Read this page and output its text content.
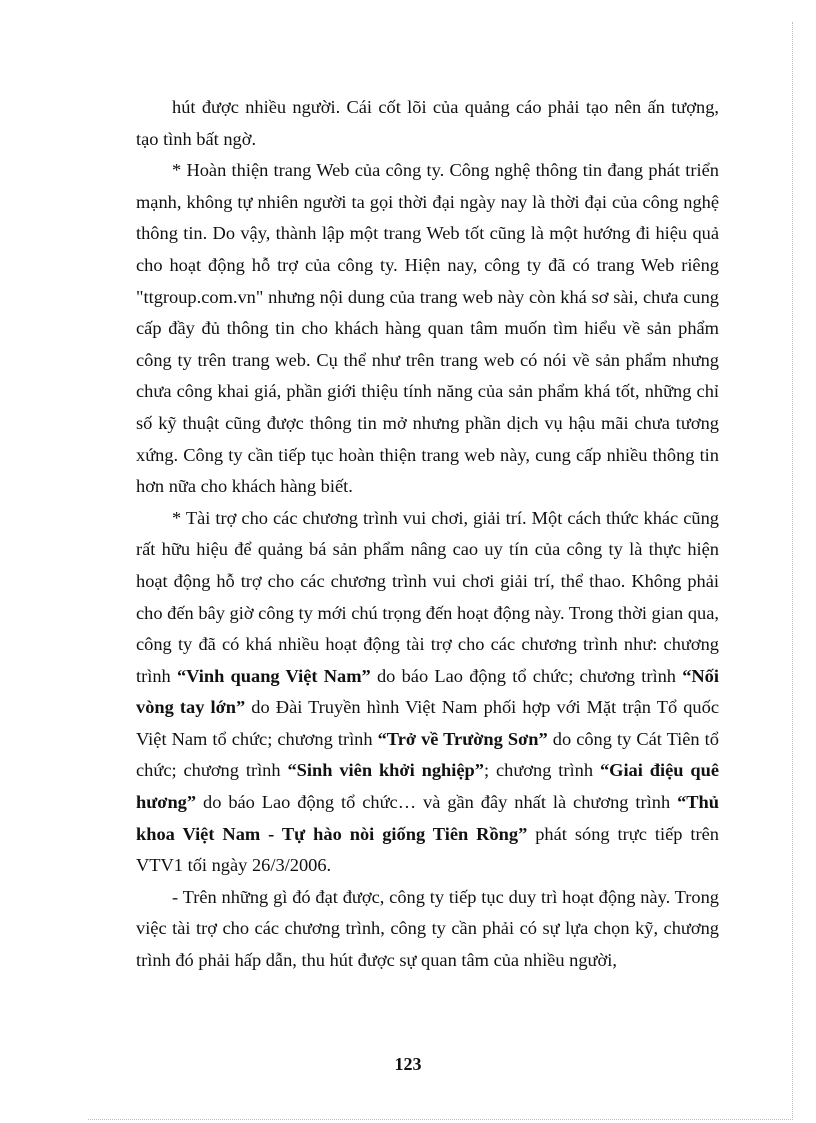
hút được nhiều người. Cái cốt lõi của quảng cáo phải tạo nên ấn tượng, tạo tình bất ngờ.

* Hoàn thiện trang Web của công ty. Công nghệ thông tin đang phát triển mạnh, không tự nhiên người ta gọi thời đại ngày nay là thời đại của công nghệ thông tin. Do vậy, thành lập một trang Web tốt cũng là một hướng đi hiệu quả cho hoạt động hỗ trợ của công ty. Hiện nay, công ty đã có trang Web riêng "ttgroup.com.vn" nhưng nội dung của trang web này còn khá sơ sài, chưa cung cấp đầy đủ thông tin cho khách hàng quan tâm muốn tìm hiểu về sản phẩm công ty trên trang web. Cụ thể như trên trang web có nói về sản phẩm nhưng chưa công khai giá, phần giới thiệu tính năng của sản phẩm khá tốt, những chỉ số kỹ thuật cũng được thông tin mở nhưng phần dịch vụ hậu mãi chưa tương xứng. Công ty cần tiếp tục hoàn thiện trang web này, cung cấp nhiều thông tin hơn nữa cho khách hàng biết.

* Tài trợ cho các chương trình vui chơi, giải trí. Một cách thức khác cũng rất hữu hiệu để quảng bá sản phẩm nâng cao uy tín của công ty là thực hiện hoạt động hỗ trợ cho các chương trình vui chơi giải trí, thể thao. Không phải cho đến bây giờ công ty mới chú trọng đến hoạt động này. Trong thời gian qua, công ty đã có khá nhiều hoạt động tài trợ cho các chương trình như: chương trình “Vinh quang Việt Nam” do báo Lao động tổ chức; chương trình “Nối vòng tay lớn” do Đài Truyền hình Việt Nam phối hợp với Mặt trận Tổ quốc Việt Nam tổ chức; chương trình “Trở về Trường Sơn” do công ty Cát Tiên tổ chức; chương trình “Sinh viên khởi nghiệp”; chương trình “Giai điệu quê hương” do báo Lao động tổ chức… và gần đây nhất là chương trình “Thủ khoa Việt Nam - Tự hào nòi giống Tiên Rồng” phát sóng trực tiếp trên VTV1 tối ngày 26/3/2006.

- Trên những gì đó đạt được, công ty tiếp tục duy trì hoạt động này. Trong việc tài trợ cho các chương trình, công ty cần phải có sự lựa chọn kỹ, chương trình đó phải hấp dẫn, thu hút được sự quan tâm của nhiều người,

123
